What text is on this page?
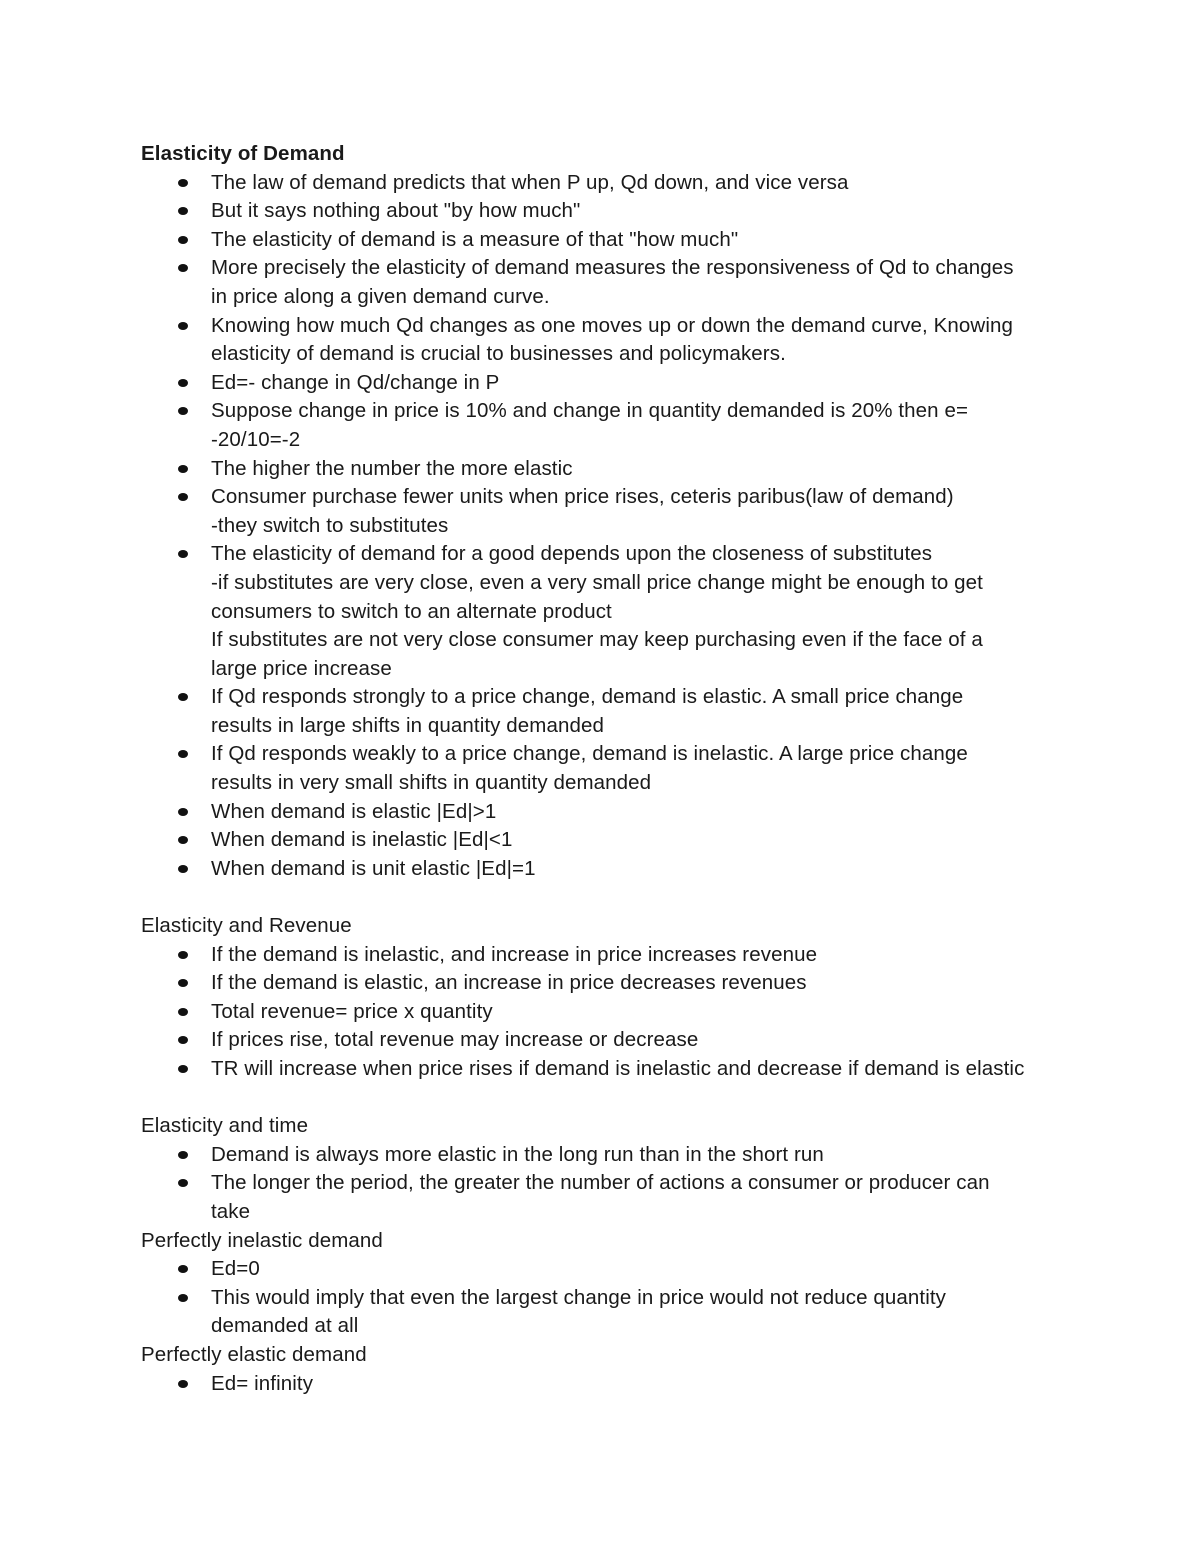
Elasticity of Demand
The law of demand predicts that when P up, Qd down, and vice versa
But it says nothing about "by how much"
The elasticity of demand is a measure of that "how much"
More precisely the elasticity of demand measures the responsiveness of Qd to changes
in price along a given demand curve.
Knowing how much Qd changes as one moves up or down the demand curve, Knowing
elasticity of demand is crucial to businesses and policymakers.
Ed=- change in Qd/change in P
Suppose change in price is 10% and change in quantity demanded is 20% then e=
-20/10=-2
The higher the number the more elastic
Consumer purchase fewer units when price rises, ceteris paribus(law of demand)
-they switch to substitutes
The elasticity of demand for a good depends upon the closeness of substitutes
-if substitutes are very close, even a very small price change might be enough to get
consumers to switch to an alternate product
If substitutes are not very close consumer may keep purchasing even if the face of a
large price increase
If Qd responds strongly to a price change, demand is elastic. A small price change
results in large shifts in quantity demanded
If Qd responds weakly to a price change, demand is inelastic. A large price change
results in very small shifts in quantity demanded
When demand is elastic |Ed|>1
When demand is inelastic |Ed|<1
When demand is unit elastic |Ed|=1
Elasticity and Revenue
If the demand is inelastic, and increase in price increases revenue
If the demand is elastic, an increase in price decreases revenues
Total revenue= price x quantity
If prices rise, total revenue may increase or decrease
TR will increase when price rises if demand is inelastic and decrease if demand is elastic
Elasticity and time
Demand is always more elastic in the long run than in the short run
The longer the period, the greater the number of actions a consumer or producer can
take
Perfectly inelastic demand
Ed=0
This would imply that even the largest change in price would not reduce quantity
demanded at all
Perfectly elastic demand
Ed= infinity
